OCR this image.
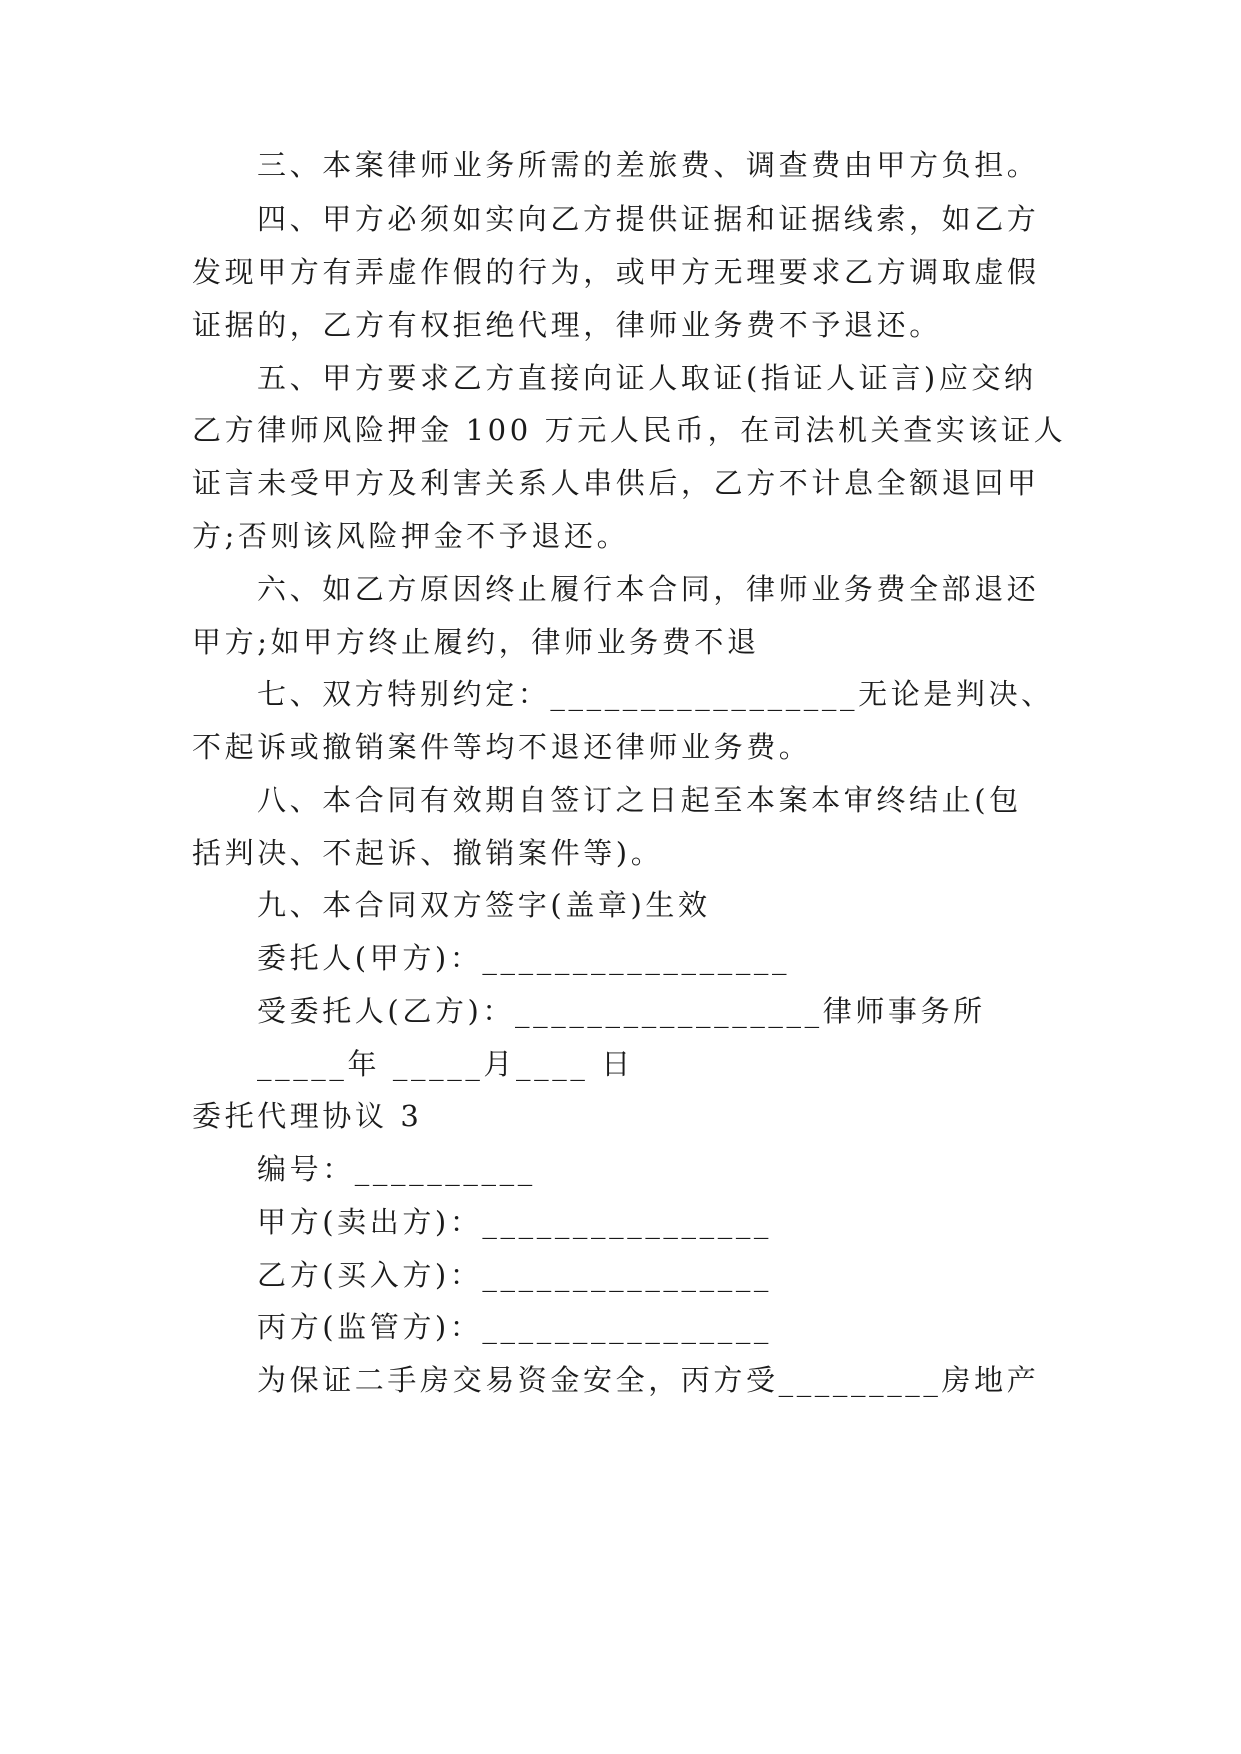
三、本案律师业务所需的差旅费、调查费由甲方负担。
四、甲方必须如实向乙方提供证据和证据线索，如乙方
发现甲方有弄虚作假的行为，或甲方无理要求乙方调取虚假
证据的，乙方有权拒绝代理，律师业务费不予退还。
五、甲方要求乙方直接向证人取证(指证人证言)应交纳
乙方律师风险押金 100 万元人民币，在司法机关查实该证人
证言未受甲方及利害关系人串供后，乙方不计息全额退回甲
方;否则该风险押金不予退还。
六、如乙方原因终止履行本合同，律师业务费全部退还
甲方;如甲方终止履约，律师业务费不退
七、双方特别约定：_________________无论是判决、
不起诉或撤销案件等均不退还律师业务费。
八、本合同有效期自签订之日起至本案本审终结止(包
括判决、不起诉、撤销案件等)。
九、本合同双方签字(盖章)生效
委托人(甲方)：_________________
受委托人(乙方)：_________________律师事务所
_____年 _____月____ 日
委托代理协议 3
编号：__________
甲方(卖出方)：________________
乙方(买入方)：________________
丙方(监管方)：________________
为保证二手房交易资金安全，丙方受_________房地产
